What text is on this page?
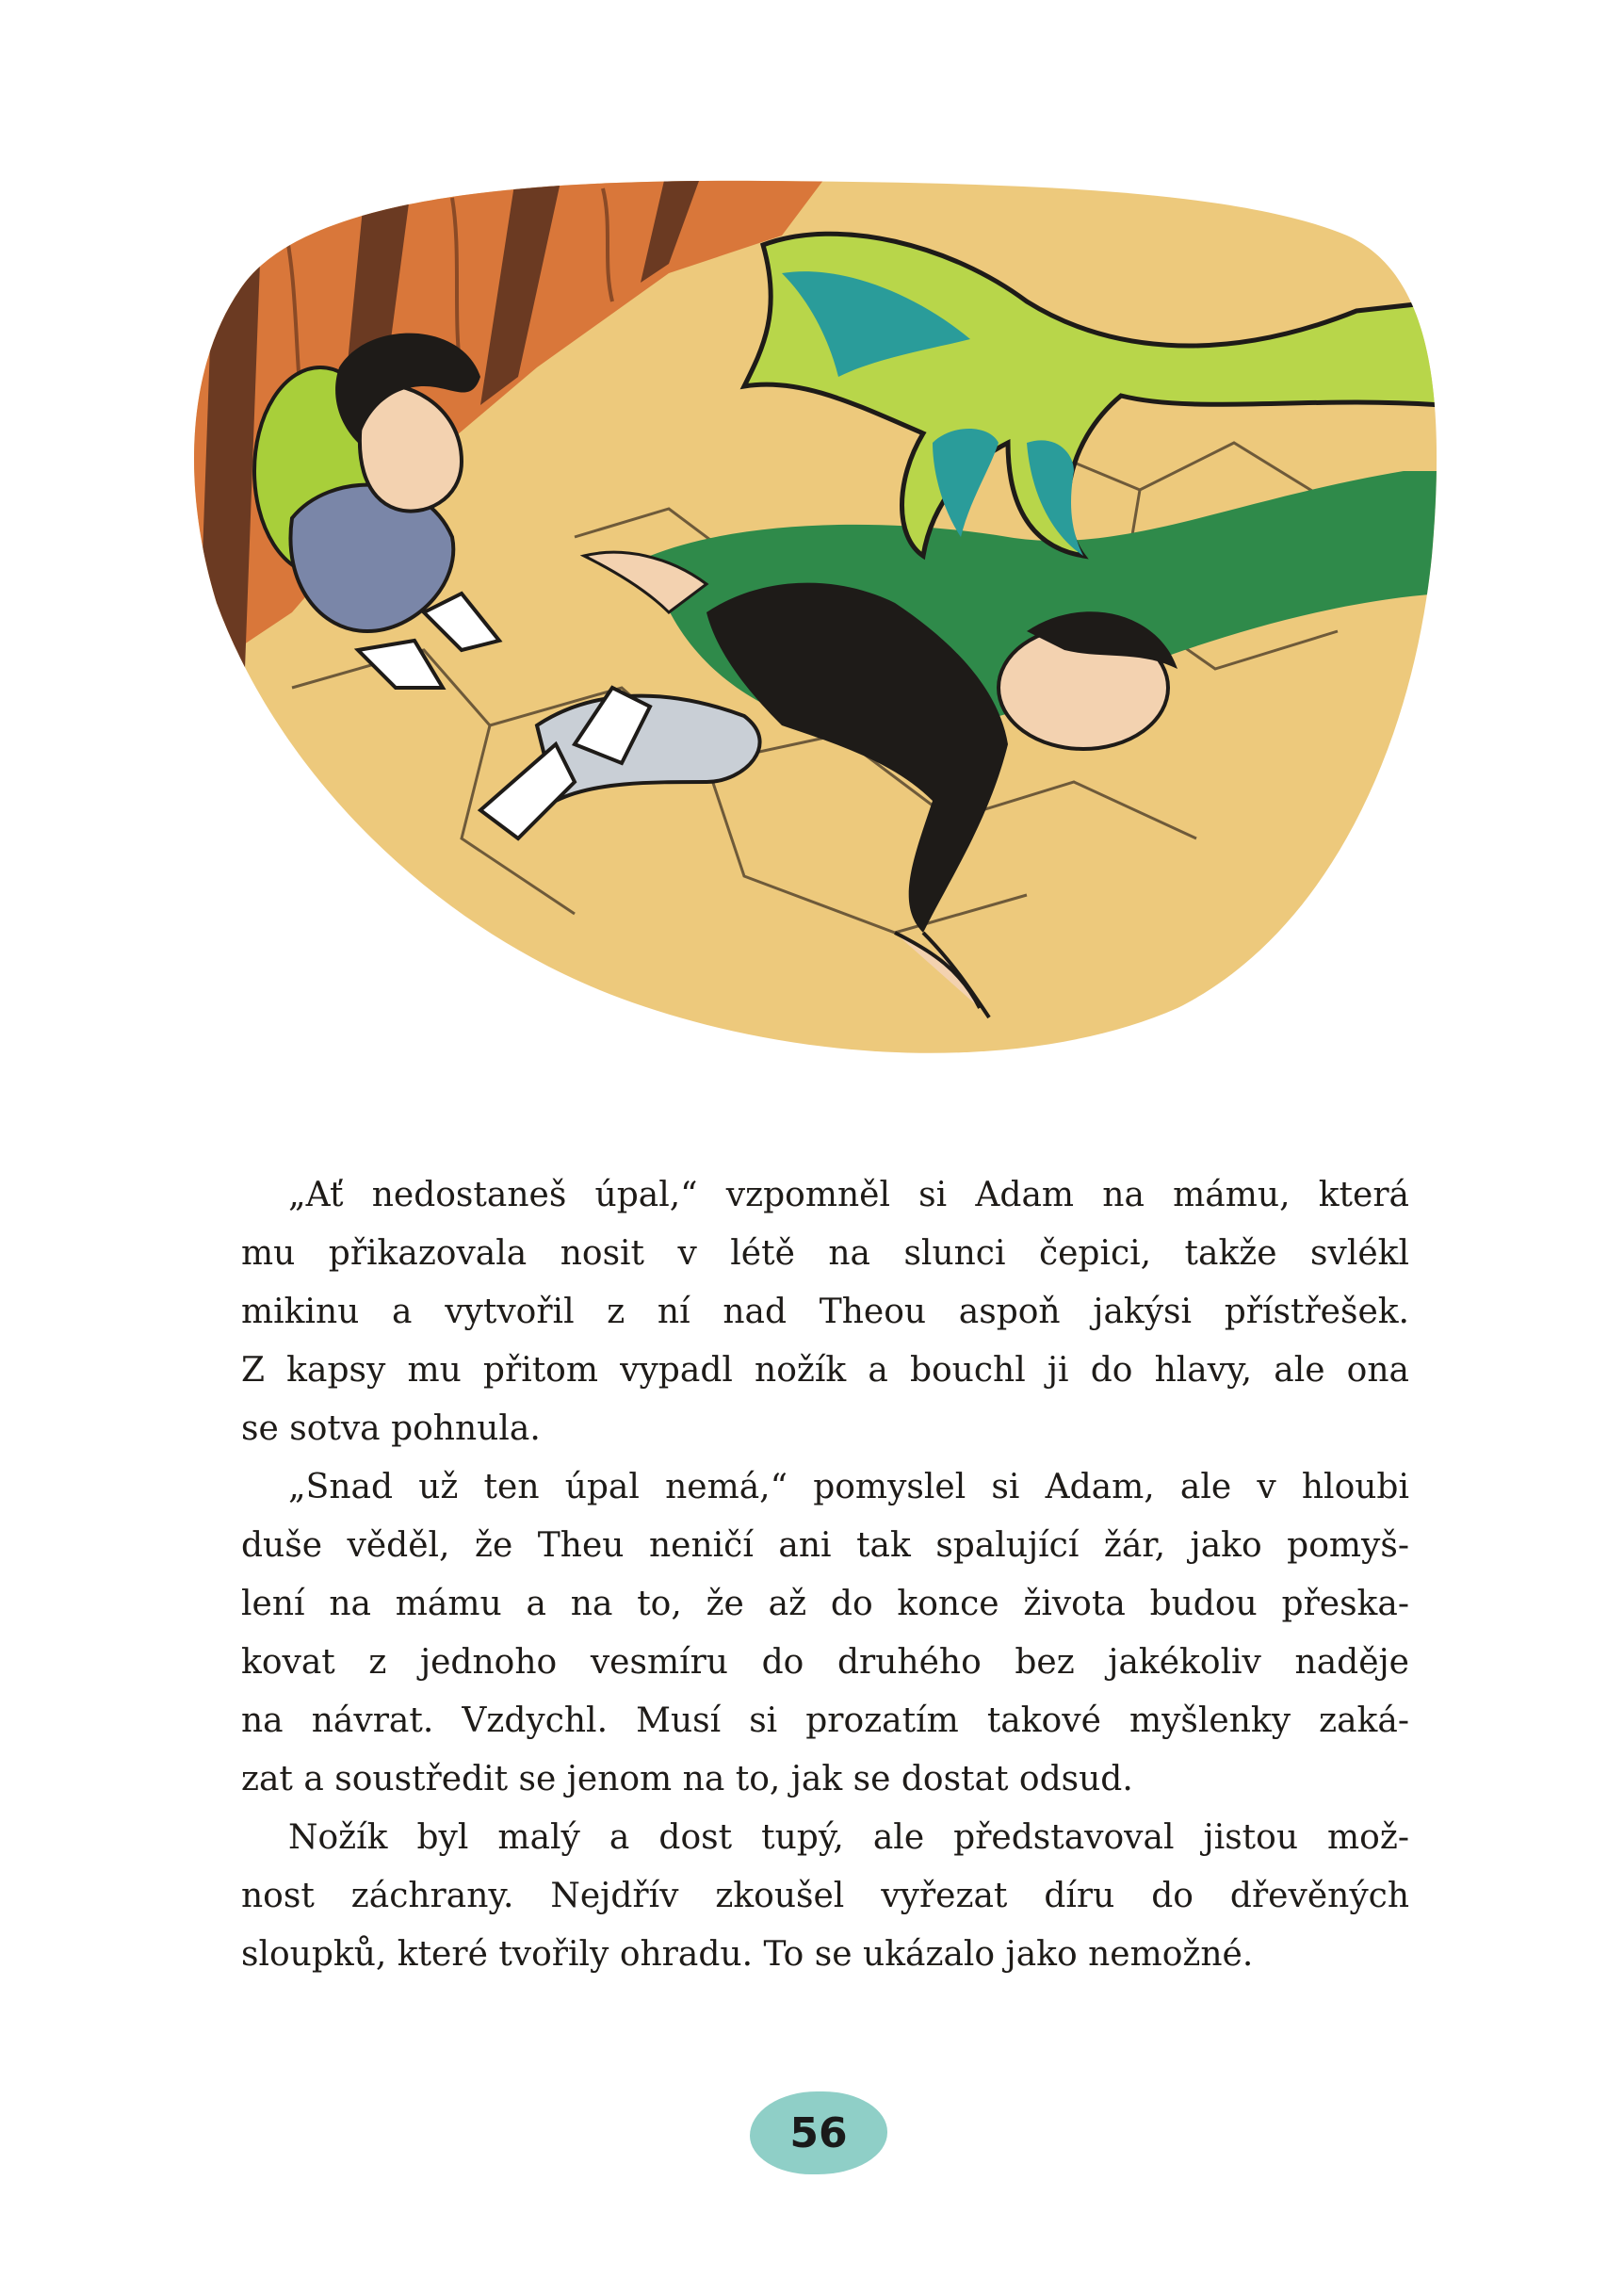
„Ať nedostaneš úpal,“ vzpomněl si Adam na mámu, která
mu přikazovala nosit v létě na slunci čepici, takže svlékl
mikinu a vytvořil z ní nad Theou aspoň jakýsi přístřešek.
Z kapsy mu přitom vypadl nožík a bouchl ji do hlavy, ale ona
se sotva pohnula.
„Snad už ten úpal nemá,“ pomyslel si Adam, ale v hloubi
duše věděl, že Theu neničí ani tak spalující žár, jako pomyš-
lení na mámu a na to, že až do konce života budou přeska-
kovat z jednoho vesmíru do druhého bez jakékoliv naděje
na návrat. Vzdychl. Musí si prozatím takové myšlenky zaká-
zat a soustředit se jenom na to, jak se dostat odsud.
Nožík byl malý a dost tupý, ale představoval jistou mož-
nost záchrany. Nejdřív zkoušel vyřezat díru do dřevěných
sloupků, které tvořily ohradu. To se ukázalo jako nemožné.
56
